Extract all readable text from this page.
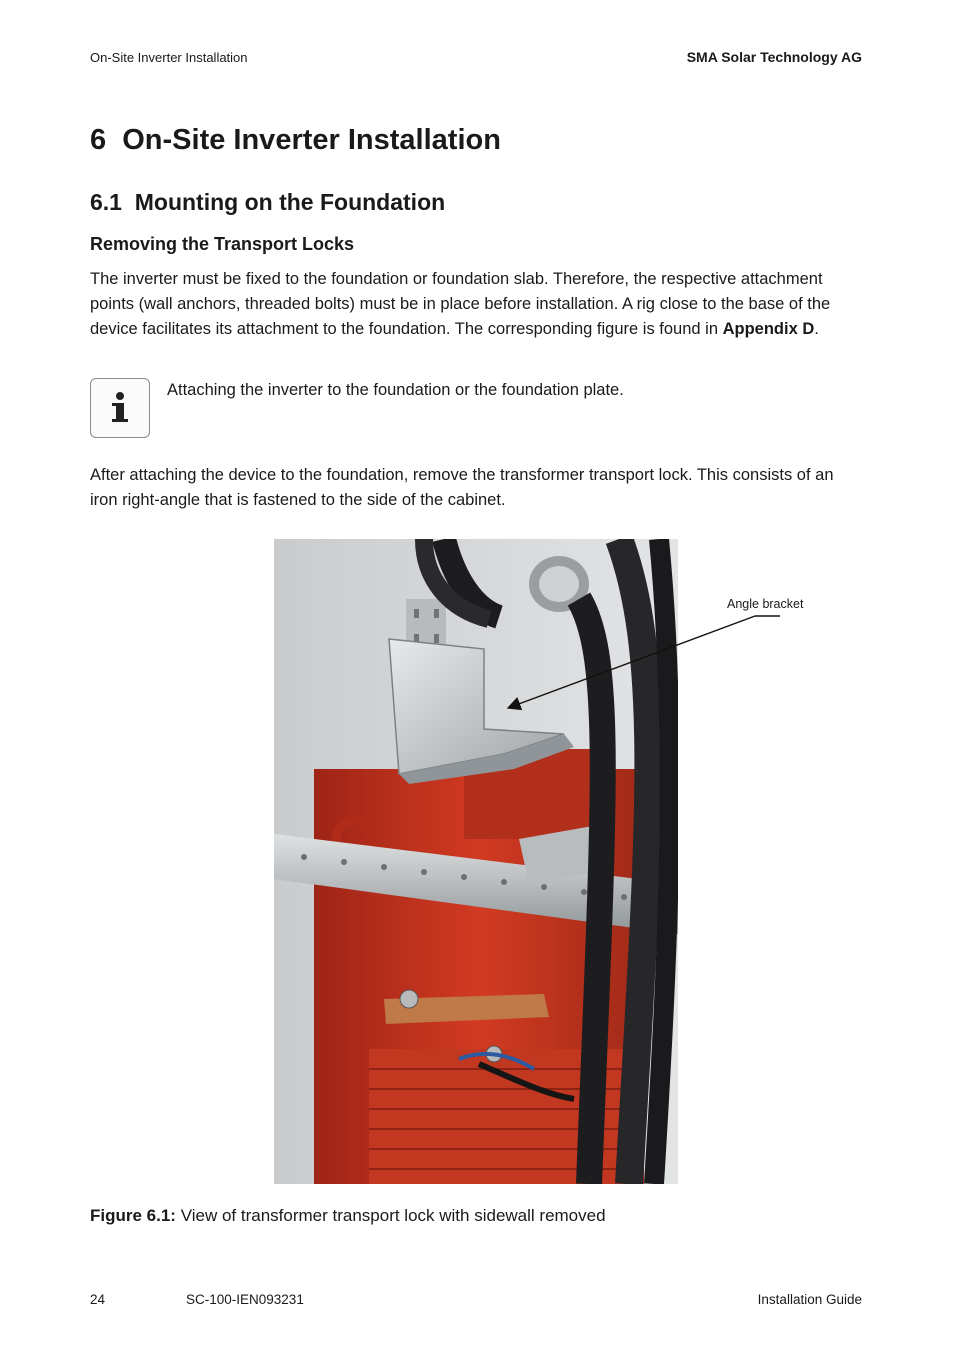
On-Site Inverter Installation	SMA Solar Technology AG
6  On-Site Inverter Installation
6.1  Mounting on the Foundation
Removing the Transport Locks

The inverter must be fixed to the foundation or foundation slab. Therefore, the respective attachment points (wall anchors, threaded bolts) must be in place before installation. A rig close to the base of the device facilitates its attachment to the foundation. The corresponding figure is found in Appendix D.

Attaching the inverter to the foundation or the foundation plate.

After attaching the device to the foundation, remove the transformer transport lock. This consists of an iron right-angle that is fastened to the side of the cabinet.

Angle bracket
Figure 6.1: View of transformer transport lock with sidewall removed
24	SC-100-IEN093231	Installation Guide
